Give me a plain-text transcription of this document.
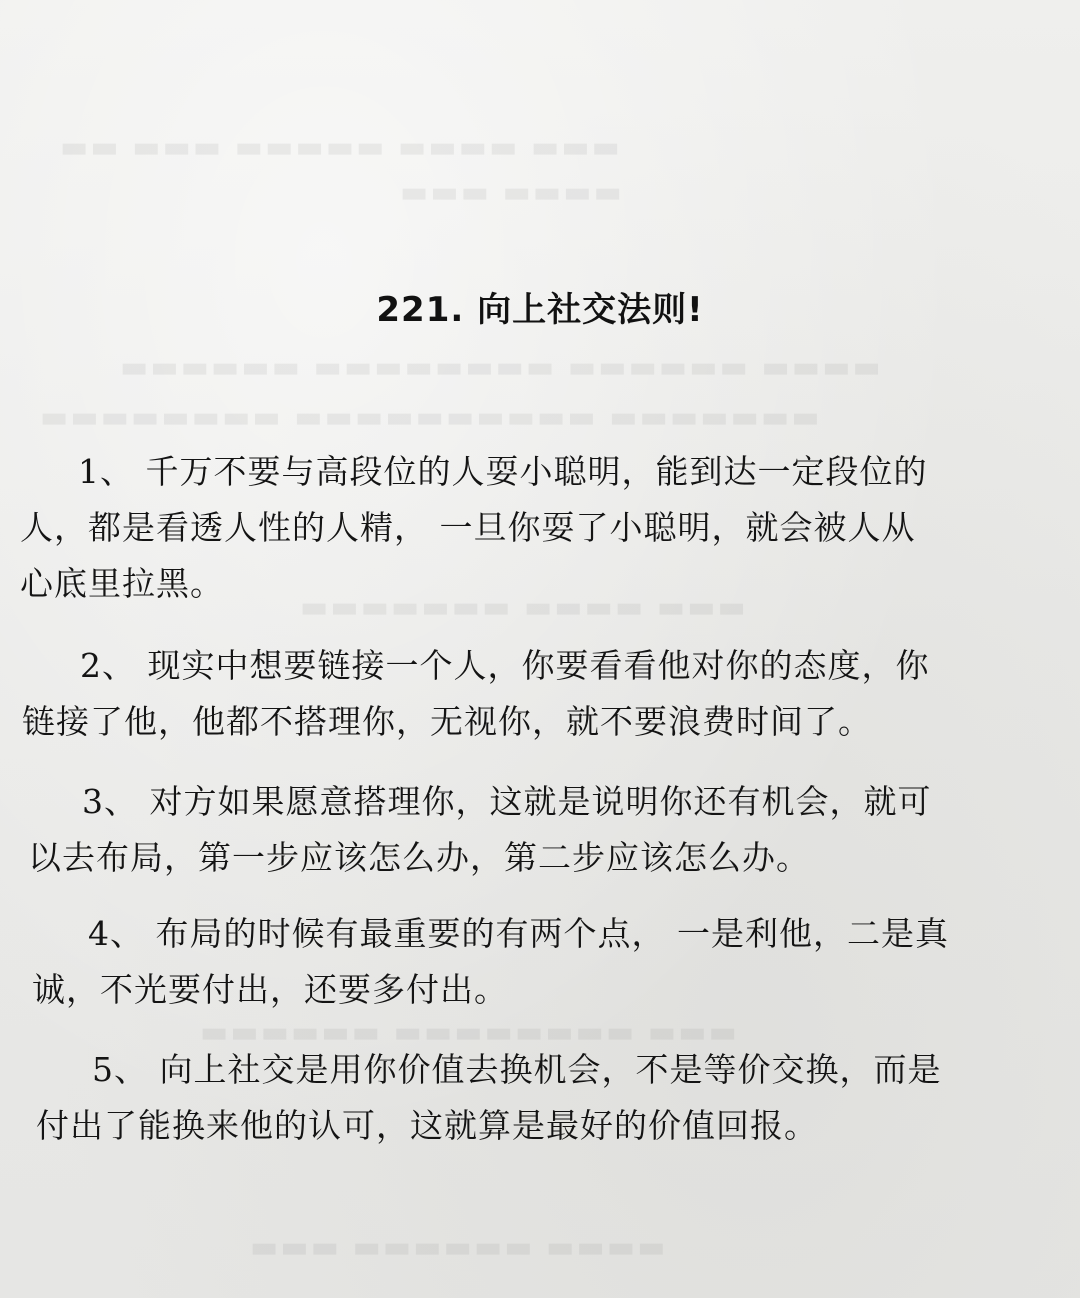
▬▬ ▬▬▬ ▬▬▬▬▬ ▬▬▬▬ ▬▬▬
▬▬▬ ▬▬▬▬
▬▬▬▬▬▬ ▬▬▬▬▬▬▬▬ ▬▬▬▬▬▬ ▬▬▬▬
▬▬▬▬▬▬▬▬ ▬▬▬▬▬▬▬▬▬▬ ▬▬▬▬▬▬▬
▬▬▬▬▬▬▬ ▬▬▬▬ ▬▬▬
▬▬▬▬▬▬ ▬▬▬▬▬▬▬▬ ▬▬▬
▬▬▬ ▬▬▬▬▬▬ ▬▬▬▬
221. 向上社交法则!
1、 千万不要与高段位的人耍小聪明，能到达一定段位的
人，都是看透人性的人精， 一旦你耍了小聪明，就会被人从
心底里拉黑。
2、 现实中想要链接一个人，你要看看他对你的态度，你
链接了他，他都不搭理你，无视你，就不要浪费时间了。
3、 对方如果愿意搭理你，这就是说明你还有机会，就可
以去布局，第一步应该怎么办，第二步应该怎么办。
4、 布局的时候有最重要的有两个点， 一是利他，二是真
诚，不光要付出，还要多付出。
5、 向上社交是用你价值去换机会，不是等价交换，而是
付出了能换来他的认可，这就算是最好的价值回报。
